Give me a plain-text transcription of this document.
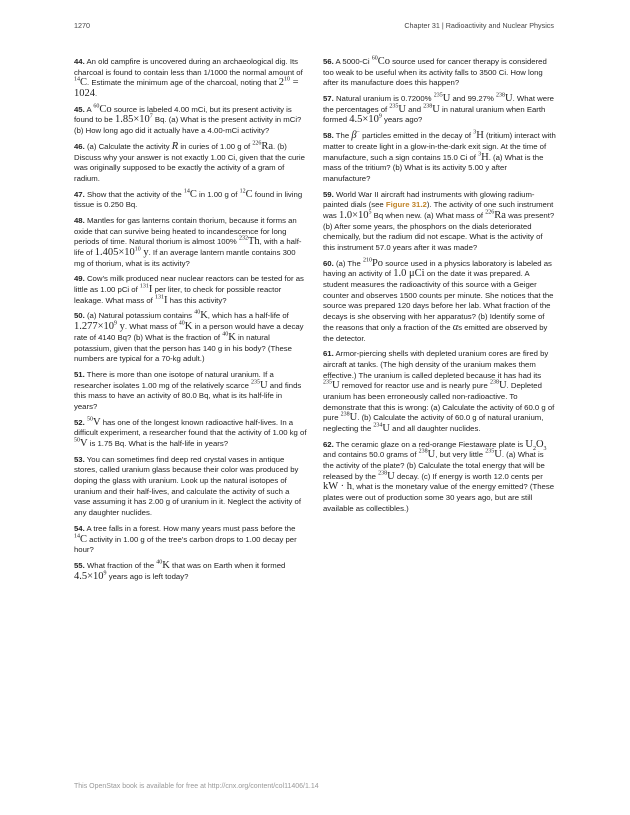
1270	Chapter 31 | Radioactivity and Nuclear Physics

44. An old campfire is uncovered during an archaeological dig. Its charcoal is found to contain less than 1/1000 the normal amount of $^{14}$C. Estimate the minimum age of the charcoal, noting that $2^{10} = 1024$.

45. A $^{60}$Co source is labeled 4.00 mCi, but its present activity is found to be $1.85\times 10^7$ Bq. (a) What is the present activity in mCi? (b) How long ago did it actually have a 4.00-mCi activity?

46. (a) Calculate the activity R in curies of 1.00 g of $^{226}$Ra. (b) Discuss why your answer is not exactly 1.00 Ci, given that the curie was originally supposed to be exactly the activity of a gram of radium.

47. Show that the activity of the $^{14}$C in 1.00 g of $^{12}$C found in living tissue is 0.250 Bq.

48. Mantles for gas lanterns contain thorium, because it forms an oxide that can survive being heated to incandescence for long periods of time. Natural thorium is almost 100% $^{232}$Th, with a half-life of $1.405\times 10^{10}$ y. If an average lantern mantle contains 300 mg of thorium, what is its activity?

49. Cow’s milk produced near nuclear reactors can be tested for as little as 1.00 pCi of $^{131}$I per liter, to check for possible reactor leakage. What mass of $^{131}$I has this activity?

50. (a) Natural potassium contains $^{40}$K, which has a half-life of $1.277\times 10^9$ y. What mass of $^{40}$K in a person would have a decay rate of 4140 Bq? (b) What is the fraction of $^{40}$K in natural potassium, given that the person has 140 g in his body? (These numbers are typical for a 70-kg adult.)

51. There is more than one isotope of natural uranium. If a researcher isolates 1.00 mg of the relatively scarce $^{235}$U and finds this mass to have an activity of 80.0 Bq, what is its half-life in years?

52. $^{50}$V has one of the longest known radioactive half-lives. In a difficult experiment, a researcher found that the activity of 1.00 kg of $^{50}$V is 1.75 Bq. What is the half-life in years?

53. You can sometimes find deep red crystal vases in antique stores, called uranium glass because their color was produced by doping the glass with uranium. Look up the natural isotopes of uranium and their half-lives, and calculate the activity of such a vase assuming it has 2.00 g of uranium in it. Neglect the activity of any daughter nuclides.

54. A tree falls in a forest. How many years must pass before the $^{14}$C activity in 1.00 g of the tree’s carbon drops to 1.00 decay per hour?

55. What fraction of the $^{40}$K that was on Earth when it formed $4.5\times 10^9$ years ago is left today?

56. A 5000-Ci $^{60}$Co source used for cancer therapy is considered too weak to be useful when its activity falls to 3500 Ci. How long after its manufacture does this happen?

57. Natural uranium is 0.7200% $^{235}$U and 99.27% $^{238}$U. What were the percentages of $^{235}$U and $^{238}$U in natural uranium when Earth formed $4.5\times 10^9$ years ago?

58. The β− particles emitted in the decay of $^3$H (tritium) interact with matter to create light in a glow-in-the-dark exit sign. At the time of manufacture, such a sign contains 15.0 Ci of $^3$H. (a) What is the mass of the tritium? (b) What is its activity 5.00 y after manufacture?

59. World War II aircraft had instruments with glowing radium-painted dials (see Figure 31.2). The activity of one such instrument was $1.0\times 10^5$ Bq when new. (a) What mass of $^{226}$Ra was present? (b) After some years, the phosphors on the dials deteriorated chemically, but the radium did not escape. What is the activity of this instrument 57.0 years after it was made?

60. (a) The $^{210}$Po source used in a physics laboratory is labeled as having an activity of 1.0 μCi on the date it was prepared. A student measures the radioactivity of this source with a Geiger counter and observes 1500 counts per minute. She notices that the source was prepared 120 days before her lab. What fraction of the decays is she observing with her apparatus? (b) Identify some of the reasons that only a fraction of the αs emitted are observed by the detector.

61. Armor-piercing shells with depleted uranium cores are fired by aircraft at tanks. (The high density of the uranium makes them effective.) The uranium is called depleted because it has had its $^{235}$U removed for reactor use and is nearly pure $^{238}$U. Depleted uranium has been erroneously called non-radioactive. To demonstrate that this is wrong: (a) Calculate the activity of 60.0 g of pure $^{238}$U. (b) Calculate the activity of 60.0 g of natural uranium, neglecting the $^{234}$U and all daughter nuclides.

62. The ceramic glaze on a red-orange Fiestaware plate is $U_2O_3$ and contains 50.0 grams of $^{238}$U, but very little $^{235}$U. (a) What is the activity of the plate? (b) Calculate the total energy that will be released by the $^{238}$U decay. (c) If energy is worth 12.0 cents per kW · h, what is the monetary value of the energy emitted? (These plates were out of production some 30 years ago, but are still available as collectibles.)

This OpenStax book is available for free at http://cnx.org/content/col11406/1.14
